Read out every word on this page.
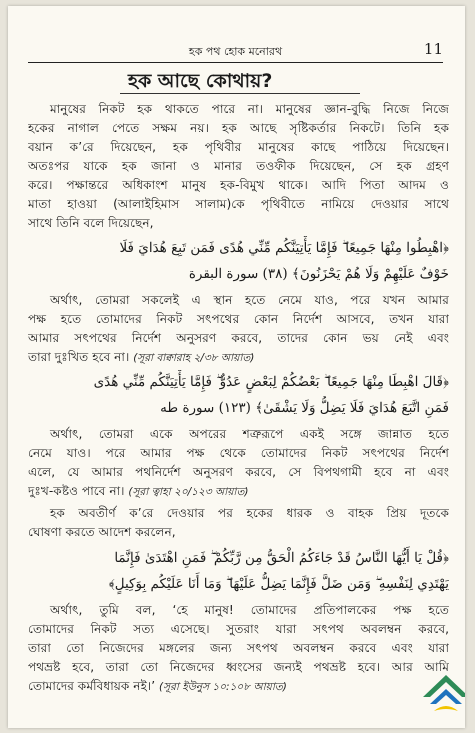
হক পথ হোক মনোরথ	11
হক আছে কোথায়?
মানুষের নিকট হক থাকতে পারে না। মানুষের জ্ঞান-বুদ্ধি নিজে নিজে
হকের নাগাল পেতে সক্ষম নয়। হক আছে সৃষ্টিকর্তার নিকটে। তিনি হক
বয়ান ক’রে দিয়েছেন, হক পৃথিবীর মানুষের কাছে পাঠিয়ে দিয়েছেন।
অতঃপর যাকে হক জানা ও মানার তওফীক দিয়েছেন, সে হক গ্রহণ
করে। পক্ষান্তরে অধিকাংশ মানুষ হক-বিমুখ থাকে। আদি পিতা আদম ও
মাতা হাওয়া (আলাইহিমাস সালাম)কে পৃথিবীতে নামিয়ে দেওয়ার সাথে
সাথে তিনি বলে দিয়েছেন,
﴿اهْبِطُوا مِنْهَا جَمِيعًا ۖ فَإِمَّا يَأْتِيَنَّكُم مِّنِّي هُدًى فَمَن تَبِعَ هُدَايَ فَلَا
خَوْفٌ عَلَيْهِمْ وَلَا هُمْ يَحْزَنُونَ﴾ (٣٨) سورة البقرة
অর্থাৎ, তোমরা সকলেই এ স্থান হতে নেমে যাও, পরে যখন আমার
পক্ষ হতে তোমাদের নিকট সৎপথের কোন নির্দেশ আসবে, তখন যারা
আমার সৎপথের নির্দেশ অনুসরণ করবে, তাদের কোন ভয় নেই এবং
তারা দুঃখিত হবে না। (সূরা বাক্বারাহ ২/৩৮ আয়াত)
﴿قَالَ اهْبِطَا مِنْهَا جَمِيعًا ۖ بَعْضُكُمْ لِبَعْضٍ عَدُوٌّ ۖ فَإِمَّا يَأْتِيَنَّكُم مِّنِّي هُدًى
فَمَنِ اتَّبَعَ هُدَايَ فَلَا يَضِلُّ وَلَا يَشْقَىٰ﴾ (١٢٣) سورة طه
অর্থাৎ, তোমরা একে অপরের শত্রুরূপে একই সঙ্গে জান্নাত হতে
নেমে যাও। পরে আমার পক্ষ থেকে তোমাদের নিকট সৎপথের নির্দেশ
এলে, যে আমার পথনির্দেশ অনুসরণ করবে, সে বিপথগামী হবে না এবং
দুঃখ-কষ্টও পাবে না। (সূরা ত্বাহা ২০/১২৩ আয়াত)
হক অবতীর্ণ ক’রে দেওয়ার পর হকের ধারক ও বাহক প্রিয় দূতকে
ঘোষণা করতে আদেশ করলেন,
﴿قُلْ يَا أَيُّهَا النَّاسُ قَدْ جَاءَكُمُ الْحَقُّ مِن رَّبِّكُمْ ۖ فَمَنِ اهْتَدَىٰ فَإِنَّمَا
يَهْتَدِي لِنَفْسِهِ ۖ وَمَن ضَلَّ فَإِنَّمَا يَضِلُّ عَلَيْهَا ۖ وَمَا أَنَا عَلَيْكُم بِوَكِيلٍ﴾
অর্থাৎ, তুমি বল, ‘হে মানুষ! তোমাদের প্রতিপালকের পক্ষ হতে
তোমাদের নিকট সত্য এসেছে। সুতরাং যারা সৎপথ অবলম্বন করবে,
তারা তো নিজেদের মঙ্গলের জন্য সৎপথ অবলম্বন করবে এবং যারা
পথভ্রষ্ট হবে, তারা তো নিজেদের ধ্বংসের জন্যই পথভ্রষ্ট হবে। আর আমি
তোমাদের কর্মবিধায়ক নই।’ (সূরা ইউনুস ১০:১০৮ আয়াত)
